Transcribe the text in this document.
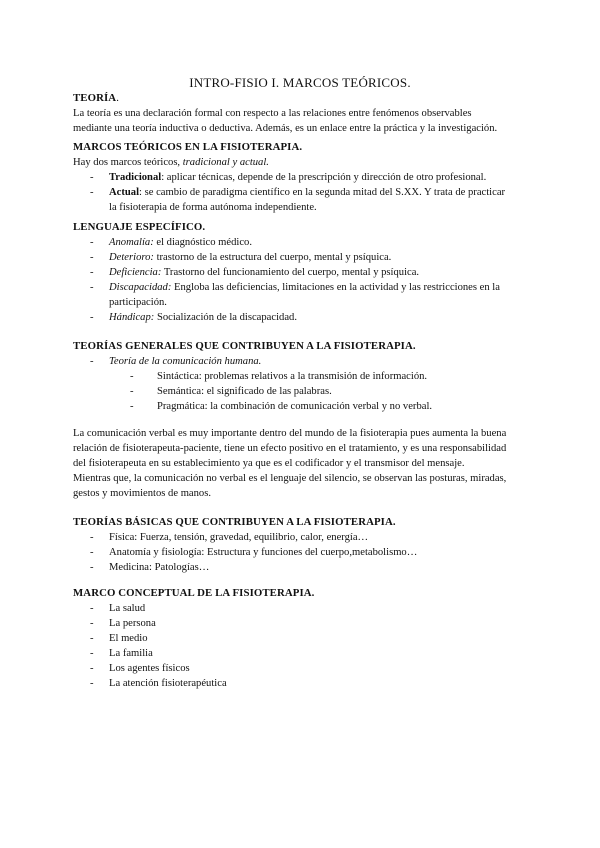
INTRO-FISIO I. MARCOS TEÓRICOS.
TEORÍA.
La teoría es una declaración formal con respecto a las relaciones entre fenómenos observables
mediante una teoría inductiva o deductiva. Además, es un enlace entre la práctica y la investigación.
MARCOS TEÓRICOS EN LA FISIOTERAPIA.
Hay dos marcos teóricos, tradicional y actual.
- Tradicional: aplicar técnicas, depende de la prescripción y dirección de otro profesional.
- Actual: se cambio de paradigma científico en la segunda mitad del S.XX. Y trata de practicar
la fisioterapia de forma autónoma independiente.
LENGUAJE ESPECÍFICO.
- Anomalía: el diagnóstico médico.
- Deterioro: trastorno de la estructura del cuerpo, mental y psíquica.
- Deficiencia: Trastorno del funcionamiento del cuerpo, mental y psíquica.
- Discapacidad: Engloba las deficiencias, limitaciones en la actividad y las restricciones en la
participación.
- Hándicap: Socialización de la discapacidad.
TEORÍAS GENERALES QUE CONTRIBUYEN A LA FISIOTERAPIA.
- Teoría de la comunicación humana.
- Sintáctica: problemas relativos a la transmisión de información.
- Semántica: el significado de las palabras.
- Pragmática: la combinación de comunicación verbal y no verbal.
La comunicación verbal es muy importante dentro del mundo de la fisioterapia pues aumenta la buena
relación de fisioterapeuta-paciente, tiene un efecto positivo en el tratamiento, y es una responsabilidad
del fisioterapeuta en su establecimiento ya que es el codificador y el transmisor del mensaje.
Mientras que, la comunicación no verbal es el lenguaje del silencio, se observan las posturas, miradas,
gestos y movimientos de manos.
TEORÍAS BÁSICAS QUE CONTRIBUYEN A LA FISIOTERAPIA.
- Física: Fuerza, tensión, gravedad, equilibrio, calor, energía…
- Anatomía y fisiología: Estructura y funciones del cuerpo,metabolismo…
- Medicina: Patologías…
MARCO CONCEPTUAL DE LA FISIOTERAPIA.
- La salud
- La persona
- El medio
- La familia
- Los agentes físicos
- La atención fisioterapéutica
